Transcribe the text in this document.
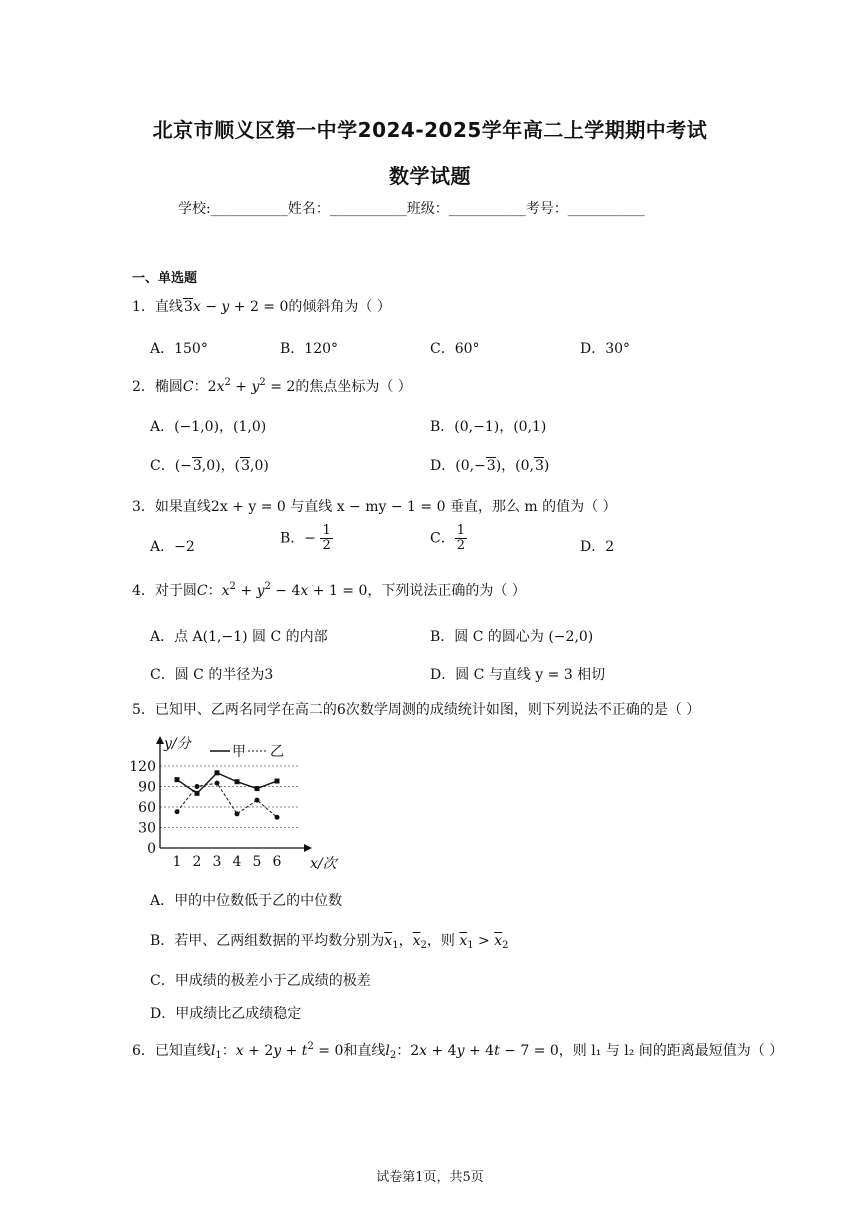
北京市顺义区第一中学2024-2025学年高二上学期期中考试
数学试题
学校:___________姓名：___________班级：___________考号：___________
一、单选题
1．直线3x − y + 2 = 0的倾斜角为（ ）
A．150°	B．120°	C．60°	D．30°
2．椭圆C：$2x^2 + y^2 = 2$的焦点坐标为（ ）
A．(−1,0)，(1,0)	B．(0,−1)，(0,1)
C．(−3,0)，(3,0)	D．(0,−3)，(0,3)
3．如果直线2x + y = 0 与直线 x − my − 1 = 0 垂直，那么 m 的值为（ ）
A．−2
B．− $\frac{1}{2}$	C． $\frac{1}{2}$	D．2
4．对于圆C：$x^2 + y^2 - 4x + 1 = 0$，下列说法正确的为（ ）
A．点 A(1,−1) 圆 C 的内部	B．圆 C 的圆心为 (−2,0)
C．圆 C 的半径为3	D．圆 C 与直线 y = 3 相切
5．已知甲、乙两名同学在高二的6次数学周测的成绩统计如图，则下列说法不正确的是（ ）
0
30
60
90
120
y/分
x/次
1 2 3 4 5 6
甲 乙
A．甲的中位数低于乙的中位数
B．若甲、乙两组数据的平均数分别为$\overline{x}_1$，$\overline{x}_2$，则 $\overline{x}_1 > \overline{x}_2$
C．甲成绩的极差小于乙成绩的极差
D．甲成绩比乙成绩稳定
6．已知直线$l_1$：$x + 2y + t^2 = 0$和直线$l_2$：2x + 4y + 4t − 7 = 0，则 l₁ 与 l₂ 间的距离最短值为（ ）
试卷第1页，共5页
